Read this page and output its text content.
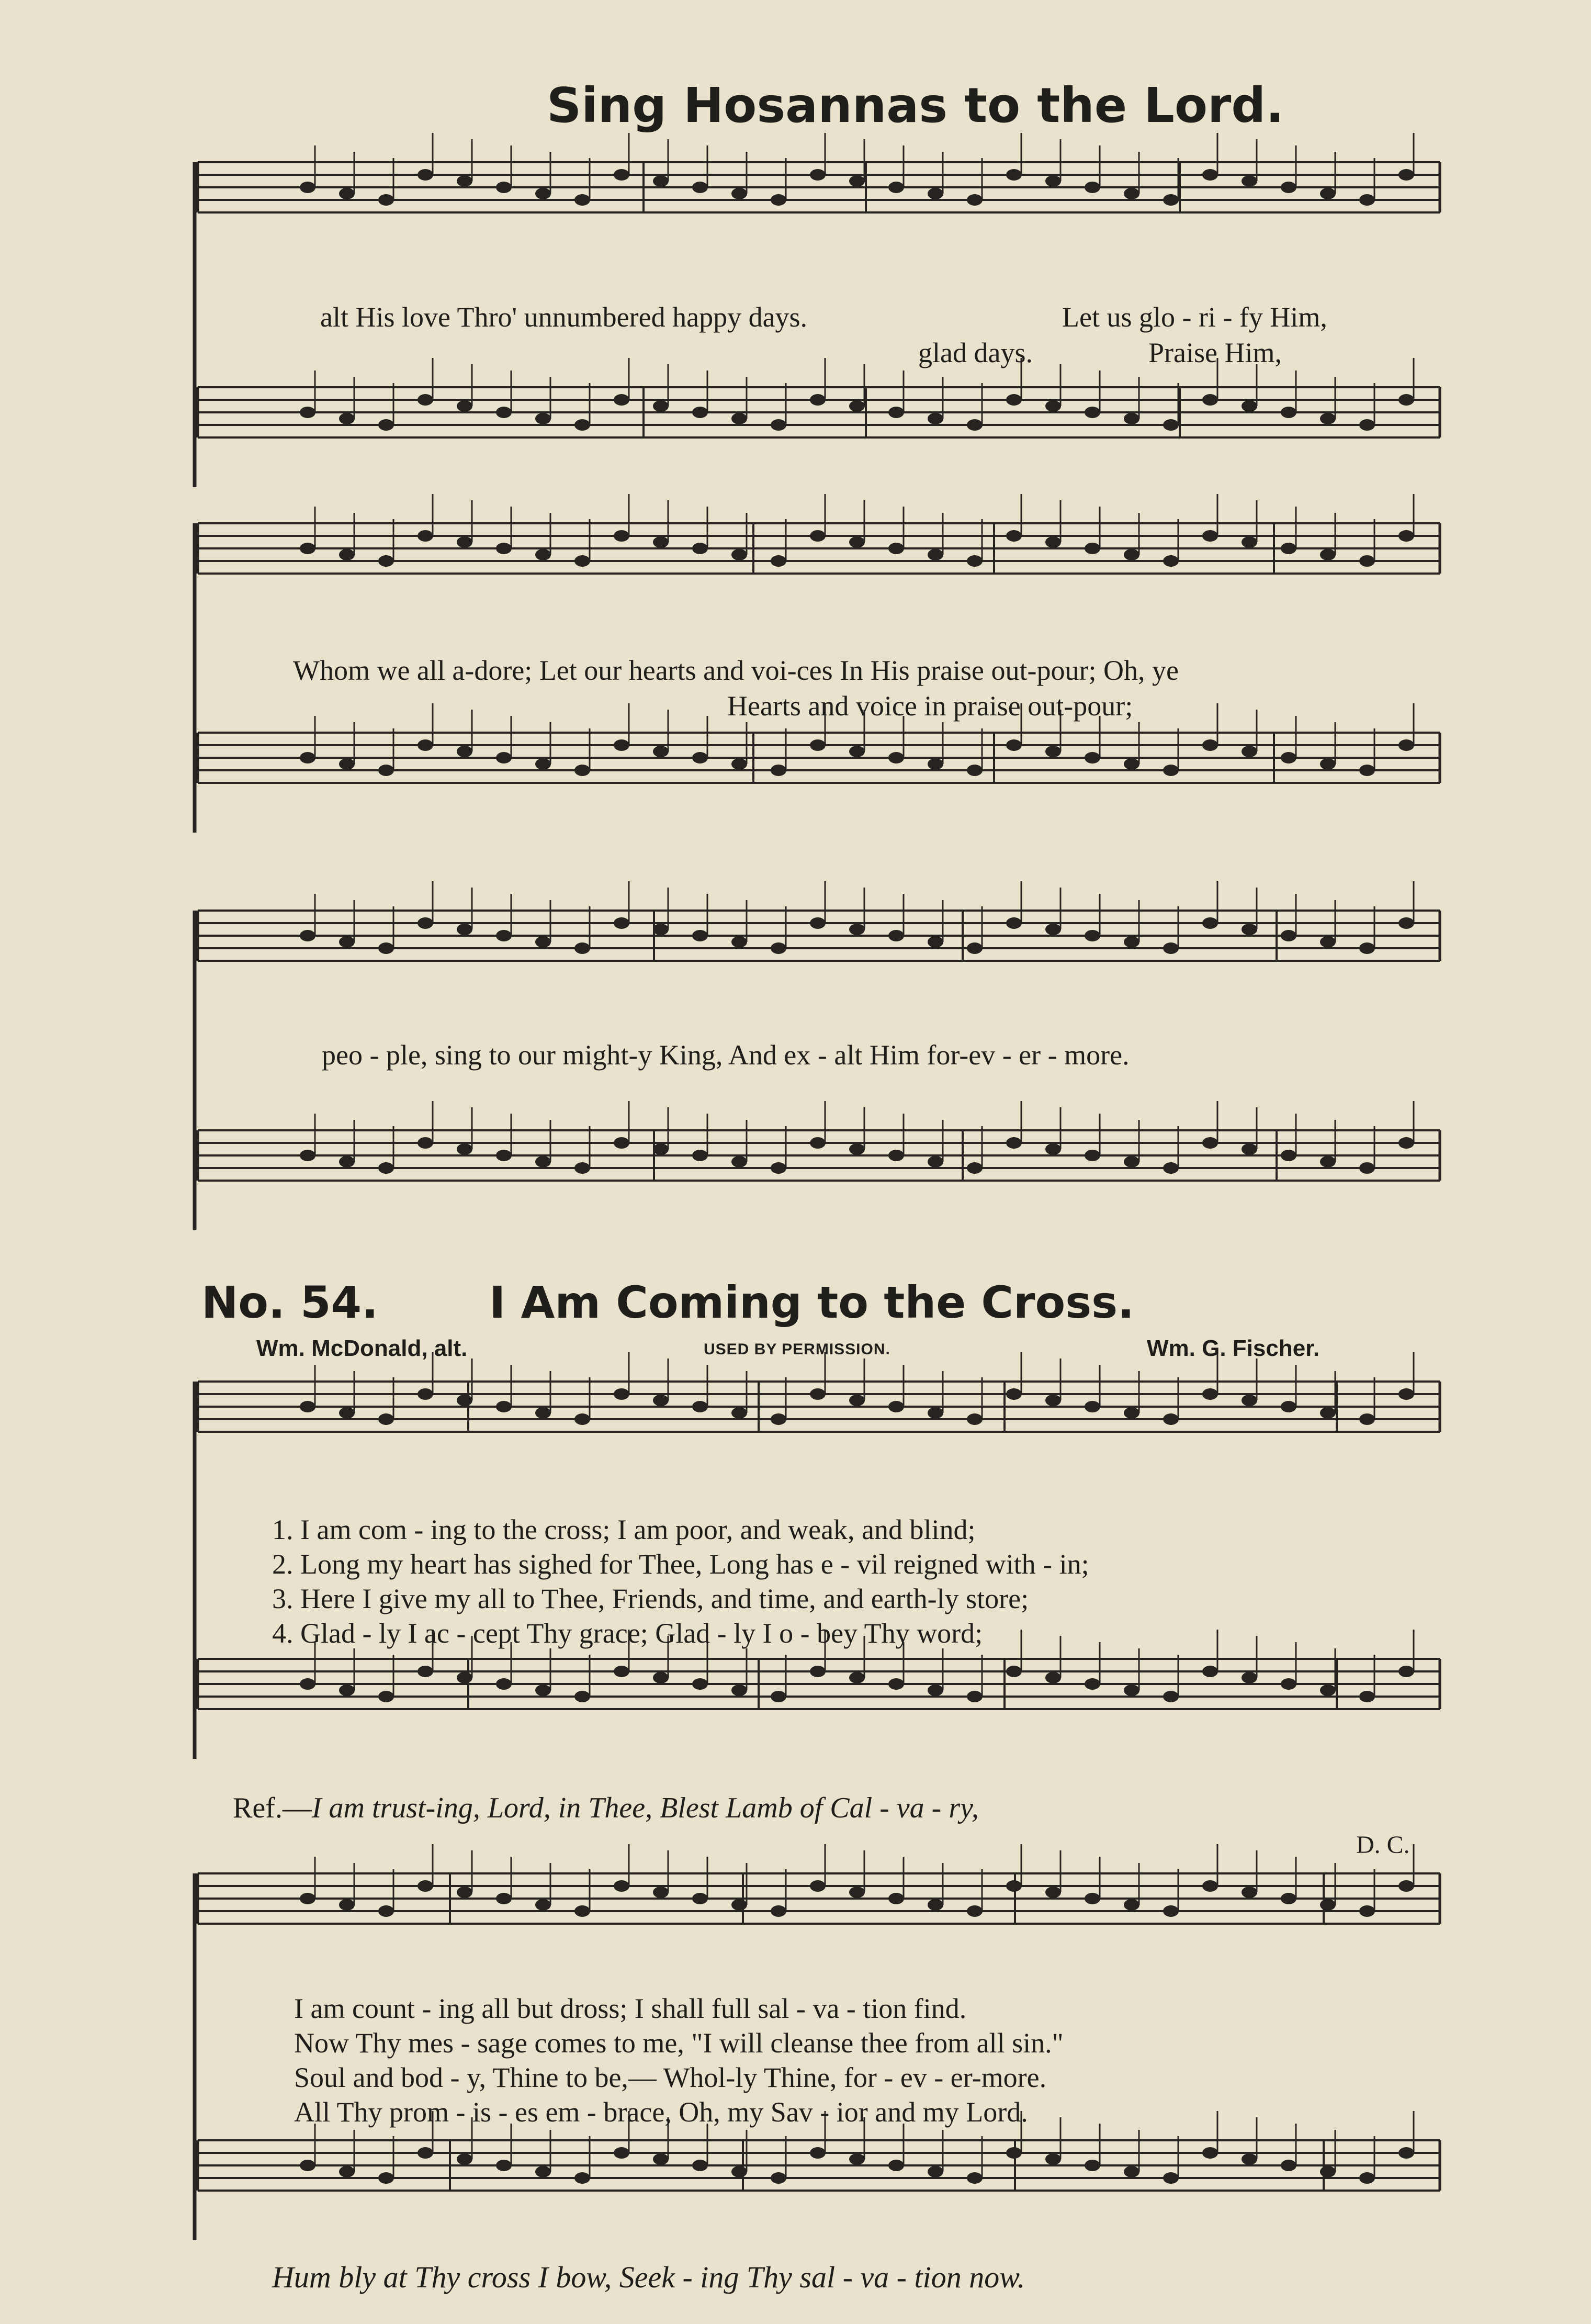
Sing Hosannas to the Lord.
alt His love Thro' unnumbered happy days.	Let us glo - ri - fy Him,
glad days.	Praise Him,
Whom we all a-dore; Let our hearts and voi-ces In His praise out-pour; Oh, ye
Hearts and voice in praise out-pour;
peo - ple, sing to our might-y King, And ex - alt Him for-ev - er - more.
No. 54.	I Am Coming to the Cross.
Wm. McDonald, alt.	USED BY PERMISSION.	Wm. G. Fischer.
1. I am com - ing to the cross; I am poor, and weak, and blind;
2. Long my heart has sighed for Thee, Long has e - vil reigned with - in;
3. Here I give my all to Thee, Friends, and time, and earth-ly store;
4. Glad - ly I ac - cept Thy grace; Glad - ly I o - bey Thy word;
Ref.—I am trust-ing, Lord, in Thee, Blest Lamb of Cal - va - ry,
D. C.
I am count - ing all but dross; I shall full sal - va - tion find.
Now Thy mes - sage comes to me, "I will cleanse thee from all sin."
Soul and bod - y, Thine to be,— Whol-ly Thine, for - ev - er-more.
All Thy prom - is - es em - brace, Oh, my Sav - ior and my Lord.
Hum bly at Thy cross I bow, Seek - ing Thy sal - va - tion now.
